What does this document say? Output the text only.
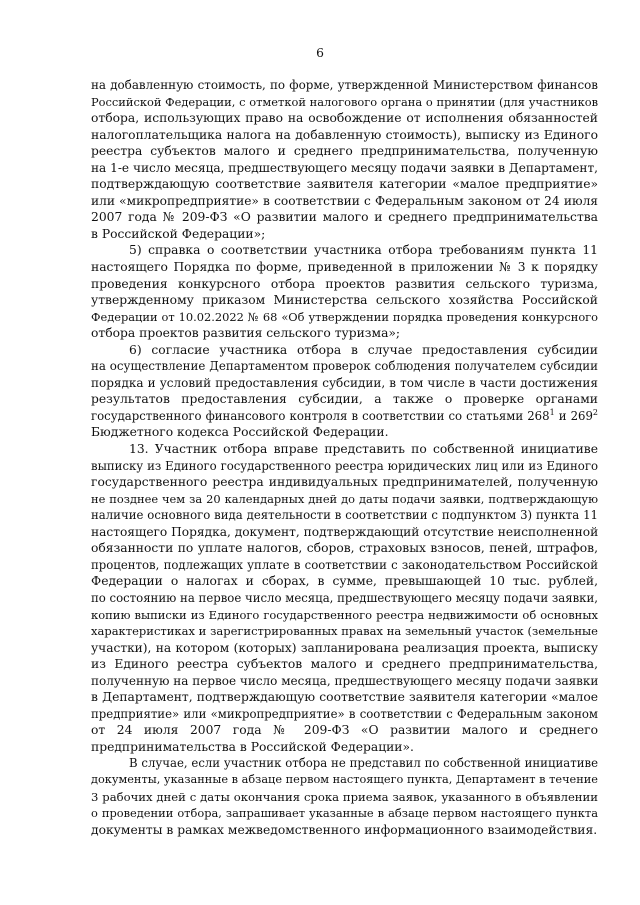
6
на добавленную стоимость, по форме, утвержденной Министерством финансов
Российской Федерации, с отметкой налогового органа о принятии (для участников
отбора, использующих право на освобождение от исполнения обязанностей
налогоплательщика налога на добавленную стоимость), выписку из Единого
реестра субъектов малого и среднего предпринимательства, полученную
на 1-е число месяца, предшествующего месяцу подачи заявки в Департамент,
подтверждающую соответствие заявителя категории «малое предприятие»
или «микропредприятие» в соответствии с Федеральным законом от 24 июля
2007 года № 209-ФЗ «О развитии малого и среднего предпринимательства
в Российской Федерации»;
5) справка о соответствии участника отбора требованиям пункта 11
настоящего Порядка по форме, приведенной в приложении № 3 к порядку
проведения конкурсного отбора проектов развития сельского туризма,
утвержденному приказом Министерства сельского хозяйства Российской
Федерации от 10.02.2022 № 68 «Об утверждении порядка проведения конкурсного
отбора проектов развития сельского туризма»;
6) согласие участника отбора в случае предоставления субсидии
на осуществление Департаментом проверок соблюдения получателем субсидии
порядка и условий предоставления субсидии, в том числе в части достижения
результатов предоставления субсидии, а также о проверке органами
государственного финансового контроля в соответствии со статьями $268^1$ и $269^2$
Бюджетного кодекса Российской Федерации.
13. Участник отбора вправе представить по собственной инициативе
выписку из Единого государственного реестра юридических лиц или из Единого
государственного реестра индивидуальных предпринимателей, полученную
не позднее чем за 20 календарных дней до даты подачи заявки, подтверждающую
наличие основного вида деятельности в соответствии с подпунктом 3) пункта 11
настоящего Порядка, документ, подтверждающий отсутствие неисполненной
обязанности по уплате налогов, сборов, страховых взносов, пеней, штрафов,
процентов, подлежащих уплате в соответствии с законодательством Российской
Федерации о налогах и сборах, в сумме, превышающей 10 тыс. рублей,
по состоянию на первое число месяца, предшествующего месяцу подачи заявки,
копию выписки из Единого государственного реестра недвижимости об основных
характеристиках и зарегистрированных правах на земельный участок (земельные
участки), на котором (которых) запланирована реализация проекта, выписку
из Единого реестра субъектов малого и среднего предпринимательства,
полученную на первое число месяца, предшествующего месяцу подачи заявки
в Департамент, подтверждающую соответствие заявителя категории «малое
предприятие» или «микропредприятие» в соответствии с Федеральным законом
от 24 июля 2007 года № 209-ФЗ «О развитии малого и среднего
предпринимательства в Российской Федерации».
В случае, если участник отбора не представил по собственной инициативе
документы, указанные в абзаце первом настоящего пункта, Департамент в течение
3 рабочих дней с даты окончания срока приема заявок, указанного в объявлении
о проведении отбора, запрашивает указанные в абзаце первом настоящего пункта
документы в рамках межведомственного информационного взаимодействия.
